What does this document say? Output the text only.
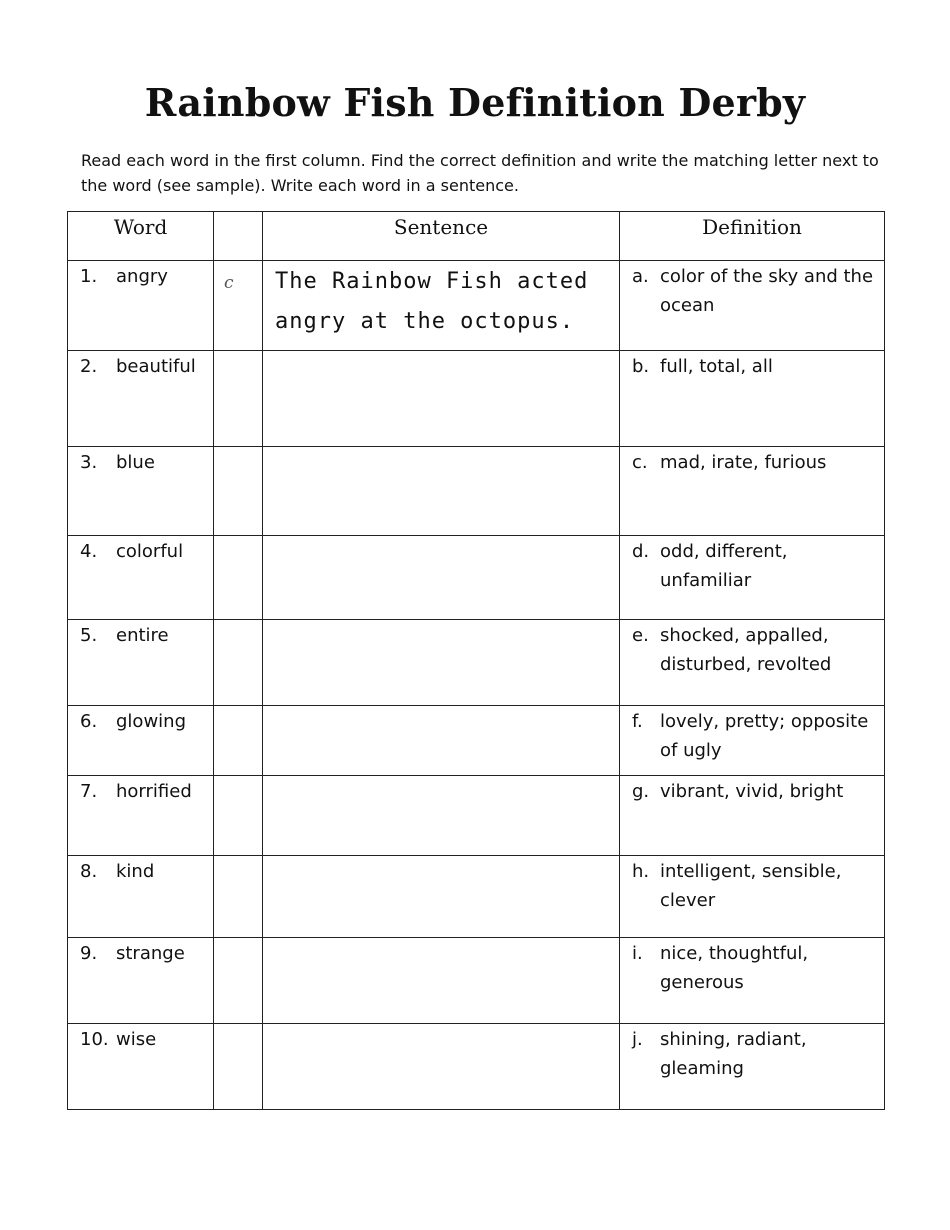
Rainbow Fish Definition Derby
Read each word in the first column. Find the correct definition and write the matching letter next to the word (see sample). Write each word in a sentence.
Word		Sentence	Definition
1. angry	c	The Rainbow Fish acted angry at the octopus.	a. color of the sky and the ocean

2. beautiful			b. full, total, all

3. blue			c. mad, irate, furious

4. colorful			d. odd, different, unfamiliar

5. entire			e. shocked, appalled, disturbed, revolted

6. glowing			f. lovely, pretty; opposite of ugly

7. horrified			g. vibrant, vivid, bright

8. kind			h. intelligent, sensible, clever

9. strange			i. nice, thoughtful, generous

10. wise			j. shining, radiant, gleaming
